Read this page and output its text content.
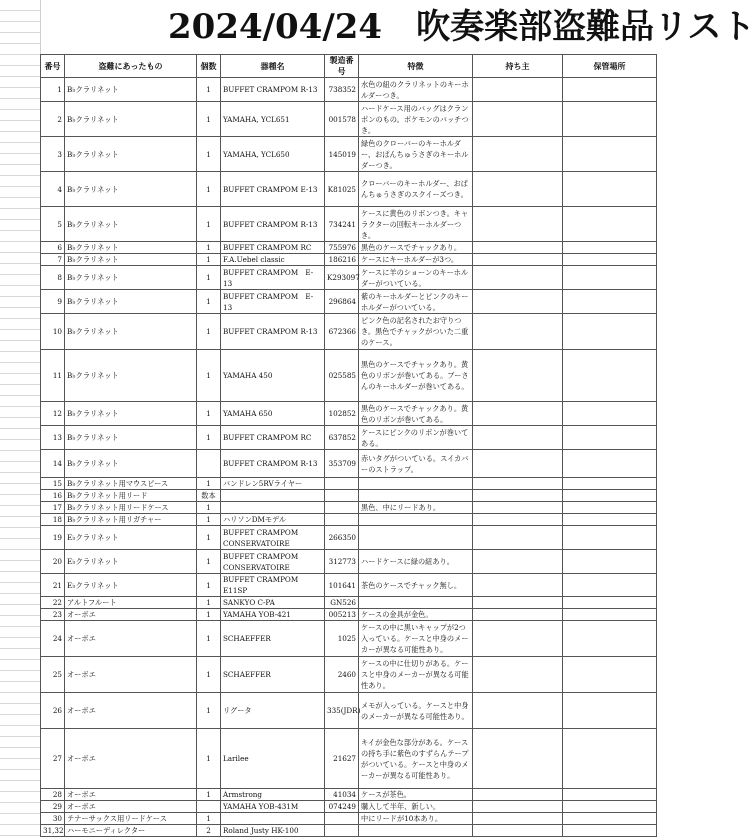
2024/04/24　吹奏楽部盗難品リスト
番号	盗難にあったもの	個数	器種名	製造番号	特徴	持ち主	保管場所
1	B♭クラリネット	1	BUFFET CRAMPOM R-13	738352	水色の紐のクラリネットのキーホルダーつき。		
2	B♭クラリネット	1	YAMAHA, YCL651	001578	ハードケース用のバッグはクランポンのもの。ポケモンのバッチつき。		
3	B♭クラリネット	1	YAMAHA, YCL650	145019	緑色のクローバーのキーホルダー、おぱんちゅうさぎのキーホルダーつき。		
4	B♭クラリネット	1	BUFFET CRAMPOM E-13	K81025	クローバーのキーホルダー、おぱんちゅうさぎのスクイーズつき。		
5	B♭クラリネット	1	BUFFET CRAMPOM R-13	734241	ケースに黄色のリボンつき。キャラクターの回転キーホルダーつき。		
6	B♭クラリネット	1	BUFFET CRAMPOM RC	755976	黒色のケースでチャックあり。		
7	B♭クラリネット	1	F.A.Uebel classic	186216	ケースにキーホルダーが3つ。		
8	B♭クラリネット	1	BUFFET CRAMPOM　E-13	K293097	ケースに羊のショーンのキーホルダーがついている。		
9	B♭クラリネット	1	BUFFET CRAMPOM　E-13	296864	紫のキーホルダーとピンクのキーホルダーがついている。		
10	B♭クラリネット	1	BUFFET CRAMPOM R-13	672366	ピンク色の記名されたお守りつき。黒色でチャックがついた二重のケース。		
11	B♭クラリネット	1	YAMAHA 450	025585	黒色のケースでチャックあり。黄色のリボンが巻いてある。ブーさんのキーホルダーが巻いてある。		
12	B♭クラリネット	1	YAMAHA 650	102852	黒色のケースでチャックあり。黄色のリボンが巻いてある。		
13	B♭クラリネット	1	BUFFET CRAMPOM RC	637852	ケースにピンクのリボンが巻いてある。		
14	B♭クラリネット		BUFFET CRAMPOM R-13	353709	赤いタグがついている。スイカバーのストラップ。		
15	B♭クラリネット用マウスピース	1	バンドレン5RVライヤー				
16	B♭クラリネット用リード	数本					
17	B♭クラリネット用リードケース	1			黒色、中にリードあり。		
18	B♭クラリネット用リガチャー	1	ハリソンDMモデル				
19	E♭クラリネット	1	BUFFET CRAMPOM CONSERVATOIRE	266350			
20	E♭クラリネット	1	BUFFET CRAMPOM CONSERVATOIRE	312773	ハードケースに緑の紐あり。		
21	E♭クラリネット	1	BUFFET CRAMPOM E11SP	101641	茶色のケースでチャック無し。		
22	アルトフルート	1	SANKYO C-PA	GN526			
23	オーボエ	1	YAMAHA YOB-421	005213	ケースの金具が金色。		
24	オーボエ	1	SCHAEFFER	1025	ケースの中に黒いキャップが2つ入っている。ケースと中身のメーカーが異なる可能性あり。		
25	オーボエ	1	SCHAEFFER	2460	ケースの中に仕切りがある。ケースと中身のメーカーが異なる可能性あり。		
26	オーボエ	1	リグータ	335(JDR)	メモが入っている。ケースと中身のメーカーが異なる可能性あり。		
27	オーボエ	1	Larilee	21627	キイが金色な部分がある。ケースの持ち手に紫色のすずらんテープがついている。ケースと中身のメーカーが異なる可能性あり。		
28	オーボエ	1	Armstrong	41034	ケースが茶色。		
29	オーボエ		YAMAHA YOB-431M	074249	購入して半年、新しい。		
30	テナーサックス用リードケース	1			中にリードが10本あり。		
31,32	ハーモニーディレクター	2	Roland Justy HK-100				
